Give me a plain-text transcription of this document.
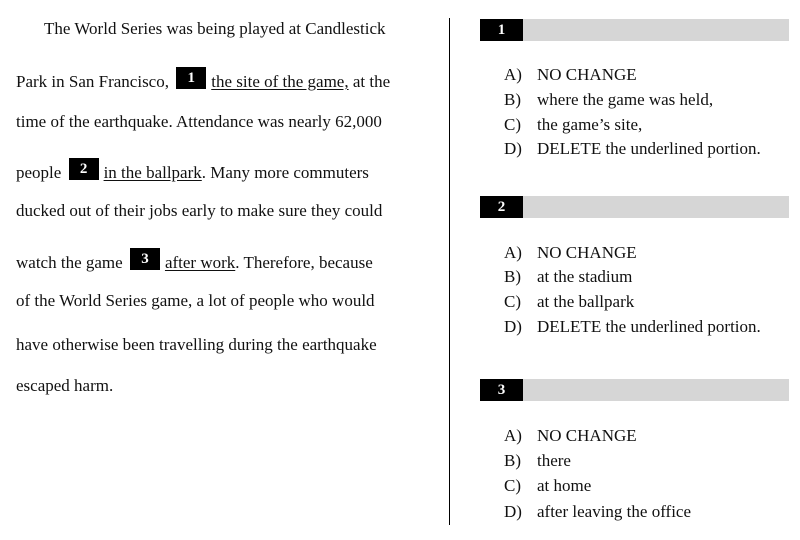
The World Series was being played at Candlestick
Park in San Francisco, 1 the site of the game, at the
time of the earthquake. Attendance was nearly 62,000
people 2 in the ballpark. Many more commuters
ducked out of their jobs early to make sure they could
watch the game 3 after work. Therefore, because
of the World Series game, a lot of people who would
have otherwise been travelling during the earthquake
escaped harm.
1
A) NO CHANGE
B) where the game was held,
C) the game’s site,
D) DELETE the underlined portion.
2
A) NO CHANGE
B) at the stadium
C) at the ballpark
D) DELETE the underlined portion.
3
A) NO CHANGE
B) there
C) at home
D) after leaving the office
